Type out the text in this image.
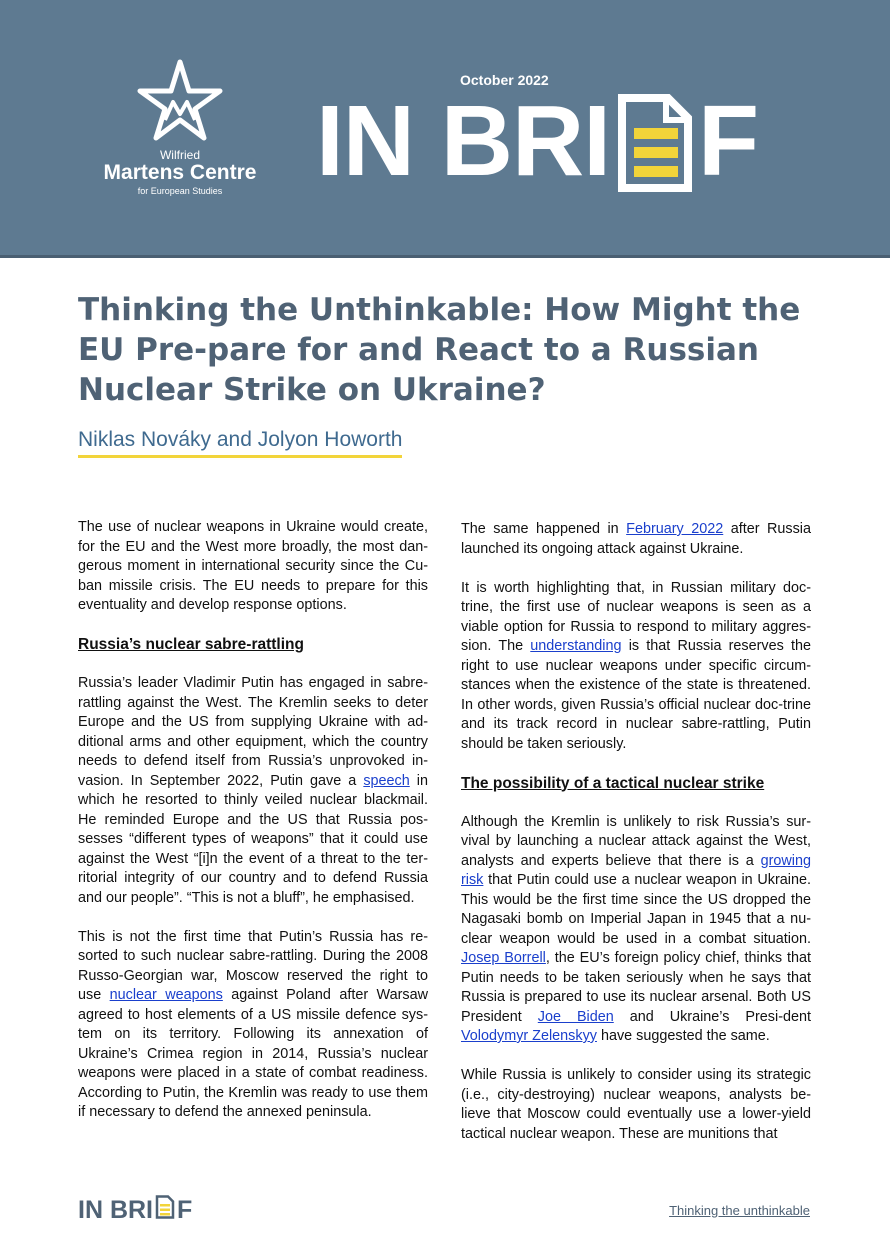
Wilfried
Martens Centre
for European Studies
October 2022
IN BRI F
Thinking the Unthinkable: How Might the EU Pre-pare for and React to a Russian Nuclear Strike on Ukraine?
Niklas Nováky and Jolyon Howorth

The use of nuclear weapons in Ukraine would create, for the EU and the West more broadly, the most dan-gerous moment in international security since the Cu-ban missile crisis. The EU needs to prepare for this eventuality and develop response options.

Russia’s nuclear sabre-rattling

Russia’s leader Vladimir Putin has engaged in sabre-rattling against the West. The Kremlin seeks to deter Europe and the US from supplying Ukraine with ad-ditional arms and other equipment, which the country needs to defend itself from Russia’s unprovoked in-vasion. In September 2022, Putin gave a speech in which he resorted to thinly veiled nuclear blackmail. He reminded Europe and the US that Russia pos-sesses “different types of weapons” that it could use against the West “[i]n the event of a threat to the ter-ritorial integrity of our country and to defend Russia and our people”. “This is not a bluff”, he emphasised.

This is not the first time that Putin’s Russia has re-sorted to such nuclear sabre-rattling. During the 2008 Russo-Georgian war, Moscow reserved the right to use nuclear weapons against Poland after Warsaw agreed to host elements of a US missile defence sys-tem on its territory. Following its annexation of Ukraine’s Crimea region in 2014, Russia’s nuclear weapons were placed in a state of combat readiness. According to Putin, the Kremlin was ready to use them if necessary to defend the annexed peninsula.

The same happened in February 2022 after Russia launched its ongoing attack against Ukraine.

It is worth highlighting that, in Russian military doc-trine, the first use of nuclear weapons is seen as a viable option for Russia to respond to military aggres-sion. The understanding is that Russia reserves the right to use nuclear weapons under specific circum-stances when the existence of the state is threatened. In other words, given Russia’s official nuclear doc-trine and its track record in nuclear sabre-rattling, Putin should be taken seriously.

The possibility of a tactical nuclear strike

Although the Kremlin is unlikely to risk Russia’s sur-vival by launching a nuclear attack against the West, analysts and experts believe that there is a growing risk that Putin could use a nuclear weapon in Ukraine. This would be the first time since the US dropped the Nagasaki bomb on Imperial Japan in 1945 that a nu-clear weapon would be used in a combat situation. Josep Borrell, the EU’s foreign policy chief, thinks that Putin needs to be taken seriously when he says that Russia is prepared to use its nuclear arsenal. Both US President Joe Biden and Ukraine’s Presi-dent Volodymyr Zelenskyy have suggested the same.

While Russia is unlikely to consider using its strategic (i.e., city-destroying) nuclear weapons, analysts be-lieve that Moscow could eventually use a lower-yield tactical nuclear weapon. These are munitions that

IN BRI F	Thinking the unthinkable
